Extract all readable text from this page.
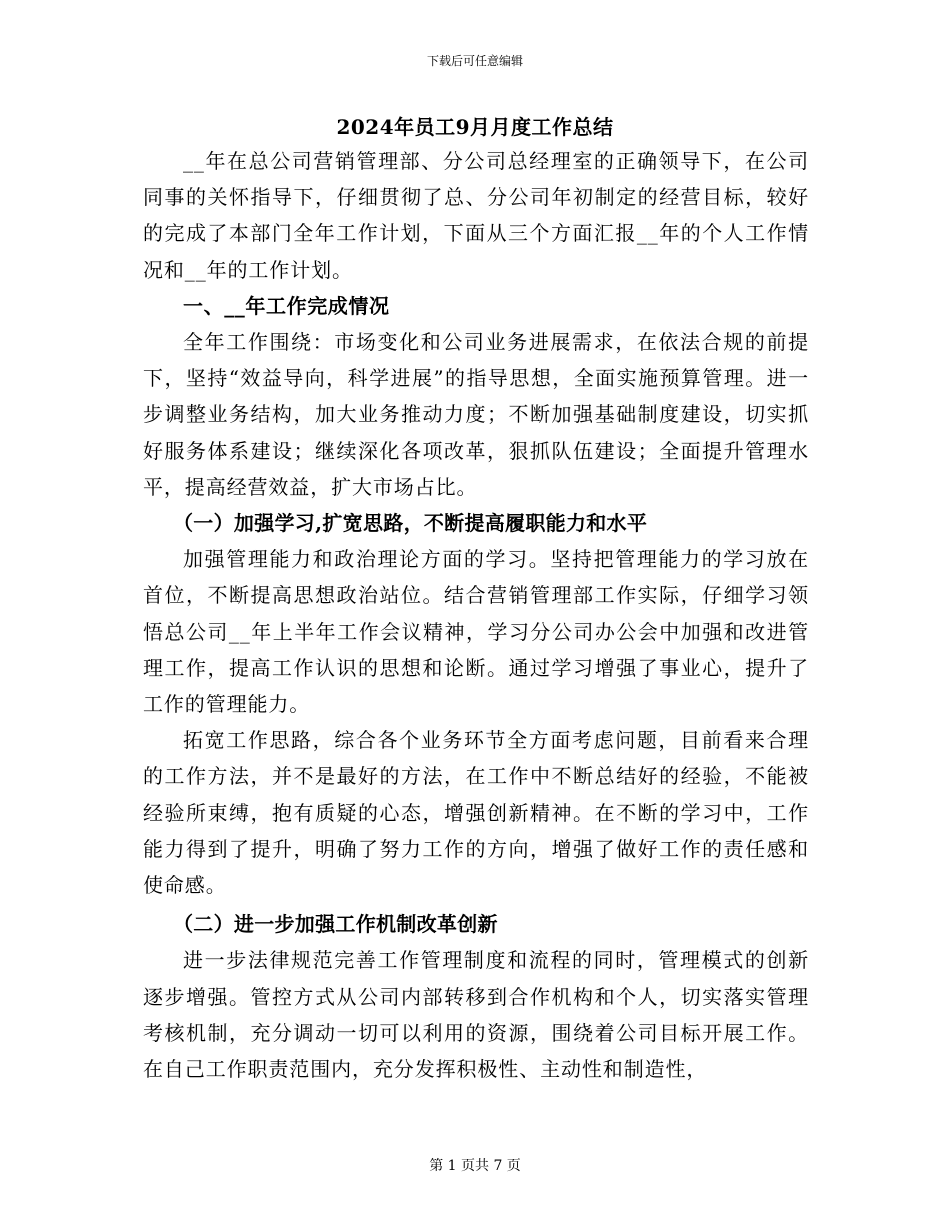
下载后可任意编辑
2024年员工9月月度工作总结

__年在总公司营销管理部、分公司总经理室的正确领导下，在公司同事的关怀指导下，仔细贯彻了总、分公司年初制定的经营目标，较好的完成了本部门全年工作计划，下面从三个方面汇报__年的个人工作情况和__年的工作计划。

一、__年工作完成情况

全年工作围绕：市场变化和公司业务进展需求，在依法合规的前提下，坚持“效益导向，科学进展”的指导思想，全面实施预算管理。进一步调整业务结构，加大业务推动力度；不断加强基础制度建设，切实抓好服务体系建设；继续深化各项改革，狠抓队伍建设；全面提升管理水平，提高经营效益，扩大市场占比。

（一）加强学习,扩宽思路，不断提高履职能力和水平

加强管理能力和政治理论方面的学习。坚持把管理能力的学习放在首位，不断提高思想政治站位。结合营销管理部工作实际，仔细学习领悟总公司__年上半年工作会议精神，学习分公司办公会中加强和改进管理工作，提高工作认识的思想和论断。通过学习增强了事业心，提升了工作的管理能力。

拓宽工作思路，综合各个业务环节全方面考虑问题，目前看来合理的工作方法，并不是最好的方法，在工作中不断总结好的经验，不能被经验所束缚，抱有质疑的心态，增强创新精神。在不断的学习中，工作能力得到了提升，明确了努力工作的方向，增强了做好工作的责任感和使命感。

（二）进一步加强工作机制改革创新

进一步法律规范完善工作管理制度和流程的同时，管理模式的创新逐步增强。管控方式从公司内部转移到合作机构和个人，切实落实管理考核机制，充分调动一切可以利用的资源，围绕着公司目标开展工作。在自己工作职责范围内，充分发挥积极性、主动性和制造性，

第 1 页共 7 页
